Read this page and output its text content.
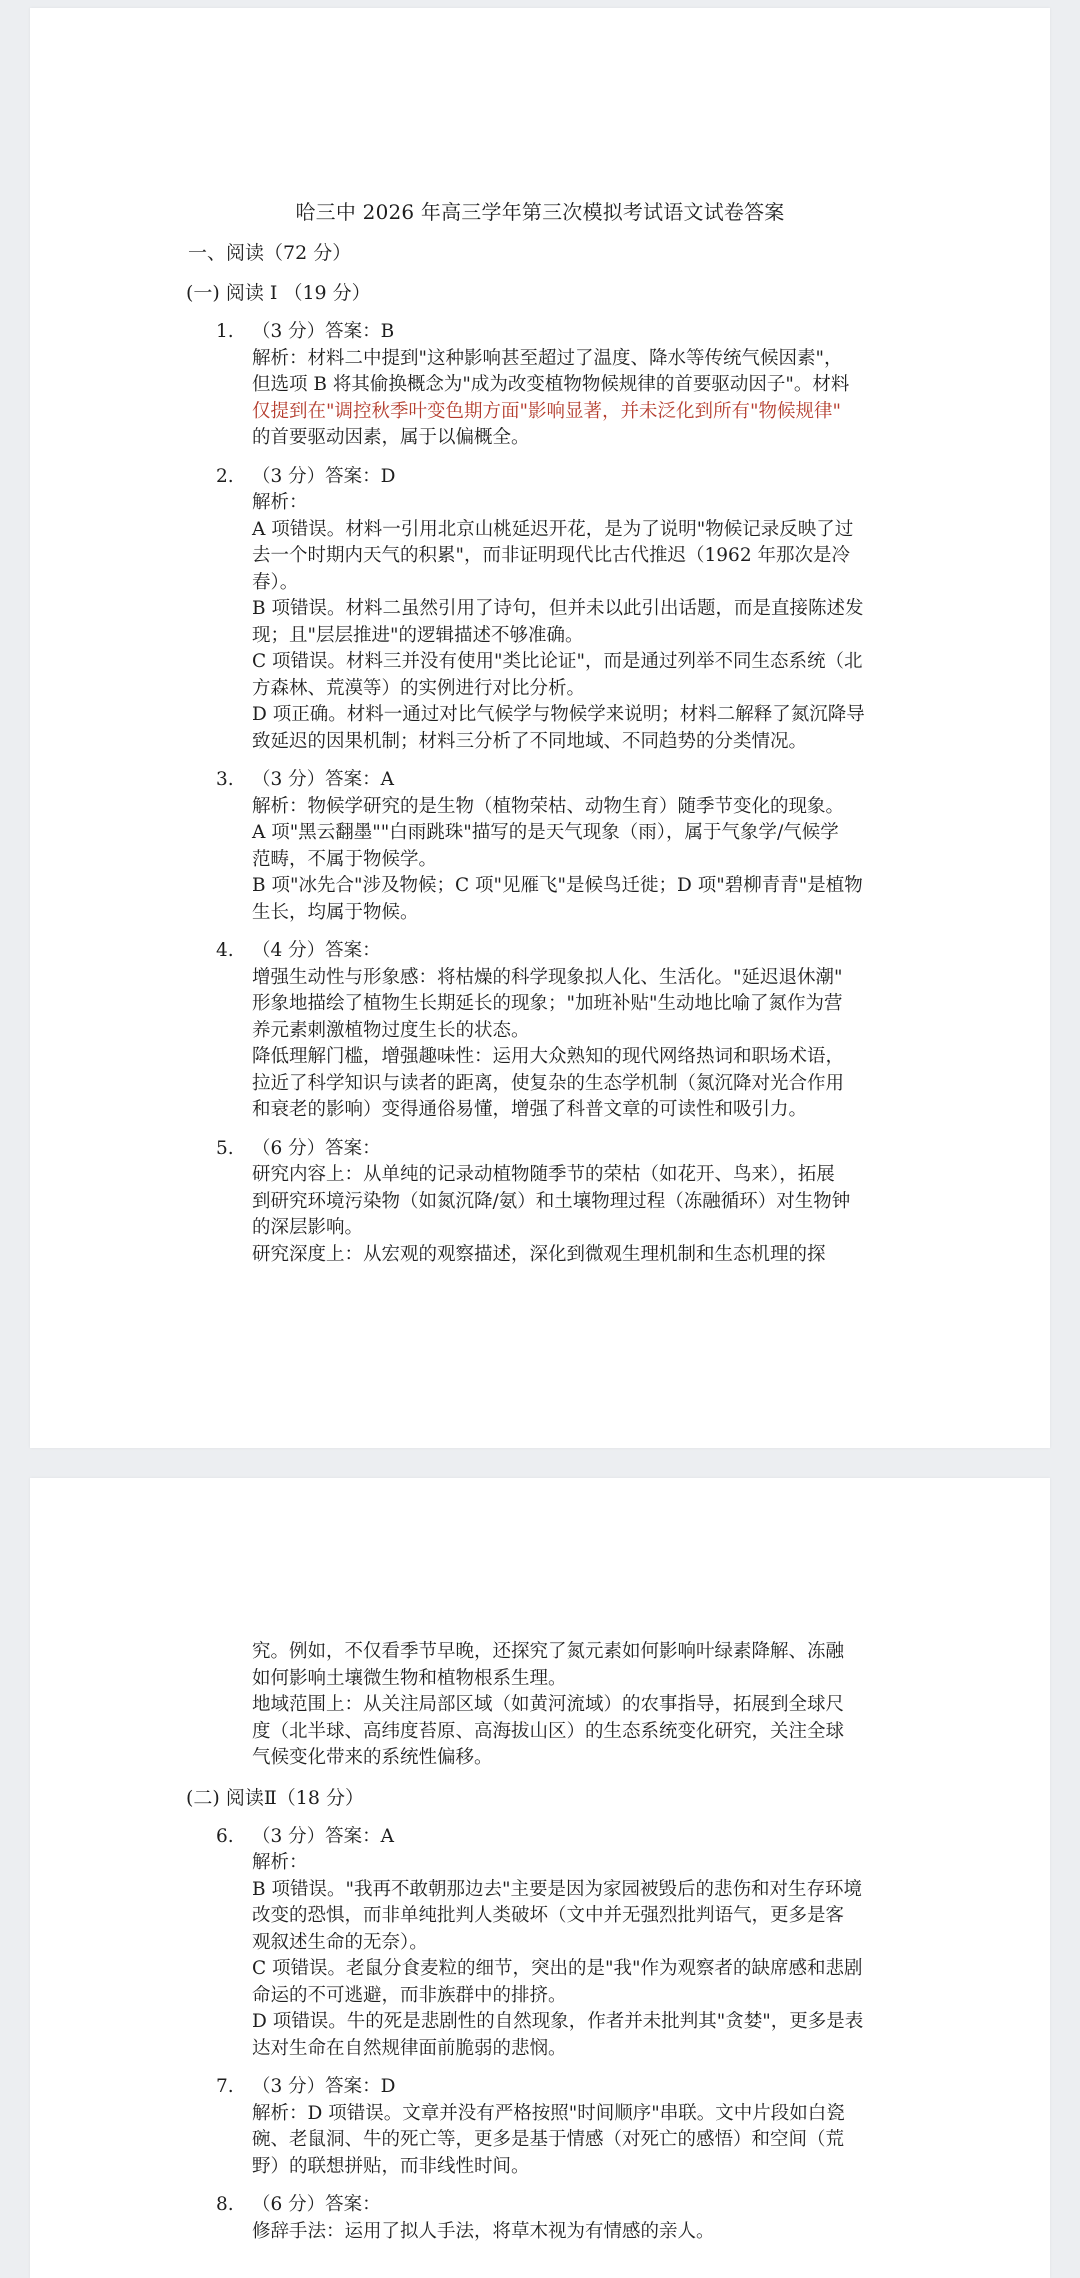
哈三中 2026 年高三学年第三次模拟考试语文试卷答案
一、阅读（72 分）
(一) 阅读 I （19 分）
1. （3 分）答案：B
解析：材料二中提到"这种影响甚至超过了温度、降水等传统气候因素"，
但选项 B 将其偷换概念为"成为改变植物物候规律的首要驱动因子"。材料
仅提到在"调控秋季叶变色期方面"影响显著，并未泛化到所有"物候规律"
的首要驱动因素，属于以偏概全。
2. （3 分）答案：D
解析：
A 项错误。材料一引用北京山桃延迟开花，是为了说明"物候记录反映了过
去一个时期内天气的积累"，而非证明现代比古代推迟（1962 年那次是冷
春）。
B 项错误。材料二虽然引用了诗句，但并未以此引出话题，而是直接陈述发
现；且"层层推进"的逻辑描述不够准确。
C 项错误。材料三并没有使用"类比论证"，而是通过列举不同生态系统（北
方森林、荒漠等）的实例进行对比分析。
D 项正确。材料一通过对比气候学与物候学来说明；材料二解释了氮沉降导
致延迟的因果机制；材料三分析了不同地域、不同趋势的分类情况。
3. （3 分）答案：A
解析：物候学研究的是生物（植物荣枯、动物生育）随季节变化的现象。
A 项"黑云翻墨""白雨跳珠"描写的是天气现象（雨），属于气象学/气候学
范畴，不属于物候学。
B 项"冰先合"涉及物候；C 项"见雁飞"是候鸟迁徙；D 项"碧柳青青"是植物
生长，均属于物候。
4. （4 分）答案：
增强生动性与形象感：将枯燥的科学现象拟人化、生活化。"延迟退休潮"
形象地描绘了植物生长期延长的现象；"加班补贴"生动地比喻了氮作为营
养元素刺激植物过度生长的状态。
降低理解门槛，增强趣味性：运用大众熟知的现代网络热词和职场术语，
拉近了科学知识与读者的距离，使复杂的生态学机制（氮沉降对光合作用
和衰老的影响）变得通俗易懂，增强了科普文章的可读性和吸引力。
5. （6 分）答案：
研究内容上：从单纯的记录动植物随季节的荣枯（如花开、鸟来），拓展
到研究环境污染物（如氮沉降/氨）和土壤物理过程（冻融循环）对生物钟
的深层影响。
研究深度上：从宏观的观察描述，深化到微观生理机制和生态机理的探
究。例如，不仅看季节早晚，还探究了氮元素如何影响叶绿素降解、冻融
如何影响土壤微生物和植物根系生理。
地域范围上：从关注局部区域（如黄河流域）的农事指导，拓展到全球尺
度（北半球、高纬度苔原、高海拔山区）的生态系统变化研究，关注全球
气候变化带来的系统性偏移。
(二) 阅读Ⅱ（18 分）
6. （3 分）答案：A
解析：
B 项错误。"我再不敢朝那边去"主要是因为家园被毁后的悲伤和对生存环境
改变的恐惧，而非单纯批判人类破坏（文中并无强烈批判语气，更多是客
观叙述生命的无奈）。
C 项错误。老鼠分食麦粒的细节，突出的是"我"作为观察者的缺席感和悲剧
命运的不可逃避，而非族群中的排挤。
D 项错误。牛的死是悲剧性的自然现象，作者并未批判其"贪婪"，更多是表
达对生命在自然规律面前脆弱的悲悯。
7. （3 分）答案：D
解析：D 项错误。文章并没有严格按照"时间顺序"串联。文中片段如白瓷
碗、老鼠洞、牛的死亡等，更多是基于情感（对死亡的感悟）和空间（荒
野）的联想拼贴，而非线性时间。
8. （6 分）答案：
修辞手法：运用了拟人手法，将草木视为有情感的亲人。
